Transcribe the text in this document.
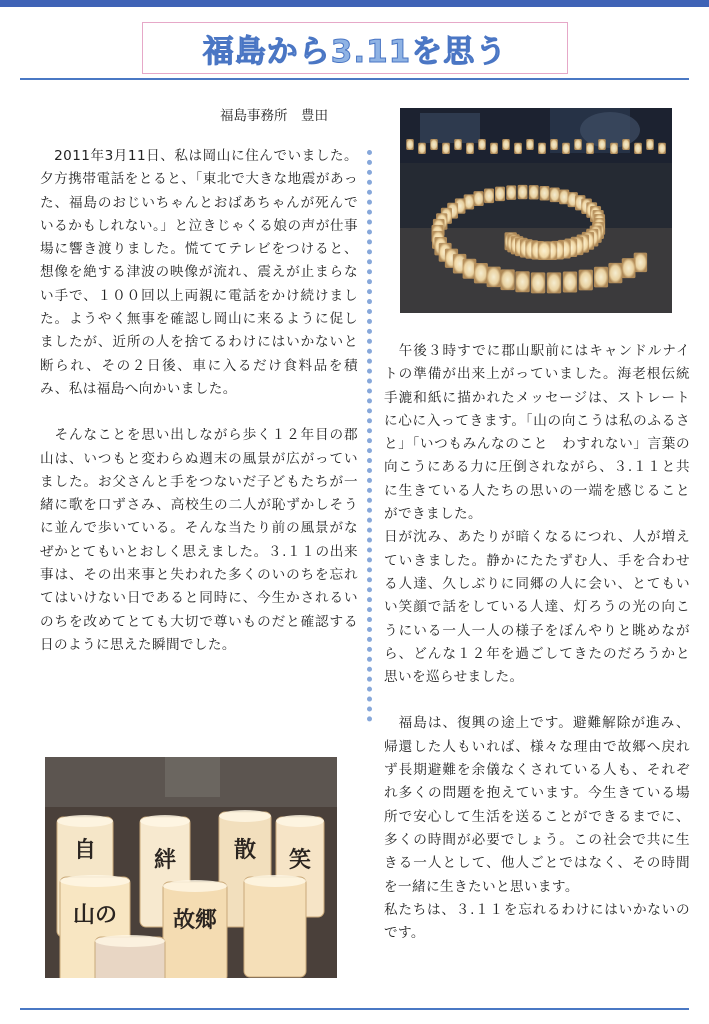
福島から3.11を思う
福島事務所　豊田

　2011年3月11日、私は岡山に住んでいました。夕方携帯電話をとると、「東北で大きな地震があった、福島のおじいちゃんとおばあちゃんが死んでいるかもしれない。」と泣きじゃくる娘の声が仕事場に響き渡りました。慌ててテレビをつけると、想像を絶する津波の映像が流れ、震えが止まらない手で、１００回以上両親に電話をかけ続けました。ようやく無事を確認し岡山に来るように促しましたが、近所の人を捨てるわけにはいかないと断られ、その２日後、車に入るだけ食料品を積み、私は福島へ向かいました。

　そんなことを思い出しながら歩く１２年目の郡山は、いつもと変わらぬ週末の風景が広がっていました。お父さんと手をつないだ子どもたちが一緒に歌を口ずさみ、高校生の二人が恥ずかしそうに並んで歩いている。そんな当たり前の風景がなぜかとてもいとおしく思えました。３.１１の出来事は、その出来事と失われた多くのいのちを忘れてはいけない日であると同時に、今生かされるいのちを改めてとても大切で尊いものだと確認する日のように思えた瞬間でした。

　午後３時すでに郡山駅前にはキャンドルナイトの準備が出来上がっていました。海老根伝統手漉和紙に描かれたメッセージは、ストレートに心に入ってきます。「山の向こうは私のふるさと」「いつもみんなのこと　わすれない」言葉の向こうにある力に圧倒されながら、３.１１と共に生きている人たちの思いの一端を感じることができました。

日が沈み、あたりが暗くなるにつれ、人が増えていきました。静かにたたずむ人、手を合わせる人達、久しぶりに同郷の人に会い、とてもいい笑顔で話をしている人達、灯ろうの光の向こうにいる一人一人の様子をぼんやりと眺めながら、どんな１２年を過ごしてきたのだろうかと思いを巡らせました。

　福島は、復興の途上です。避難解除が進み、帰還した人もいれば、様々な理由で故郷へ戻れず長期避難を余儀なくされている人も、それぞれ多くの問題を抱えています。今生きている場所で安心して生活を送ることができるまでに、多くの時間が必要でしょう。この社会で共に生きる一人として、他人ごとではなく、その時間を一緒に生きたいと思います。

私たちは、３.１１を忘れるわけにはいかないのです。

自
山の
絆
故郷
散 笑
